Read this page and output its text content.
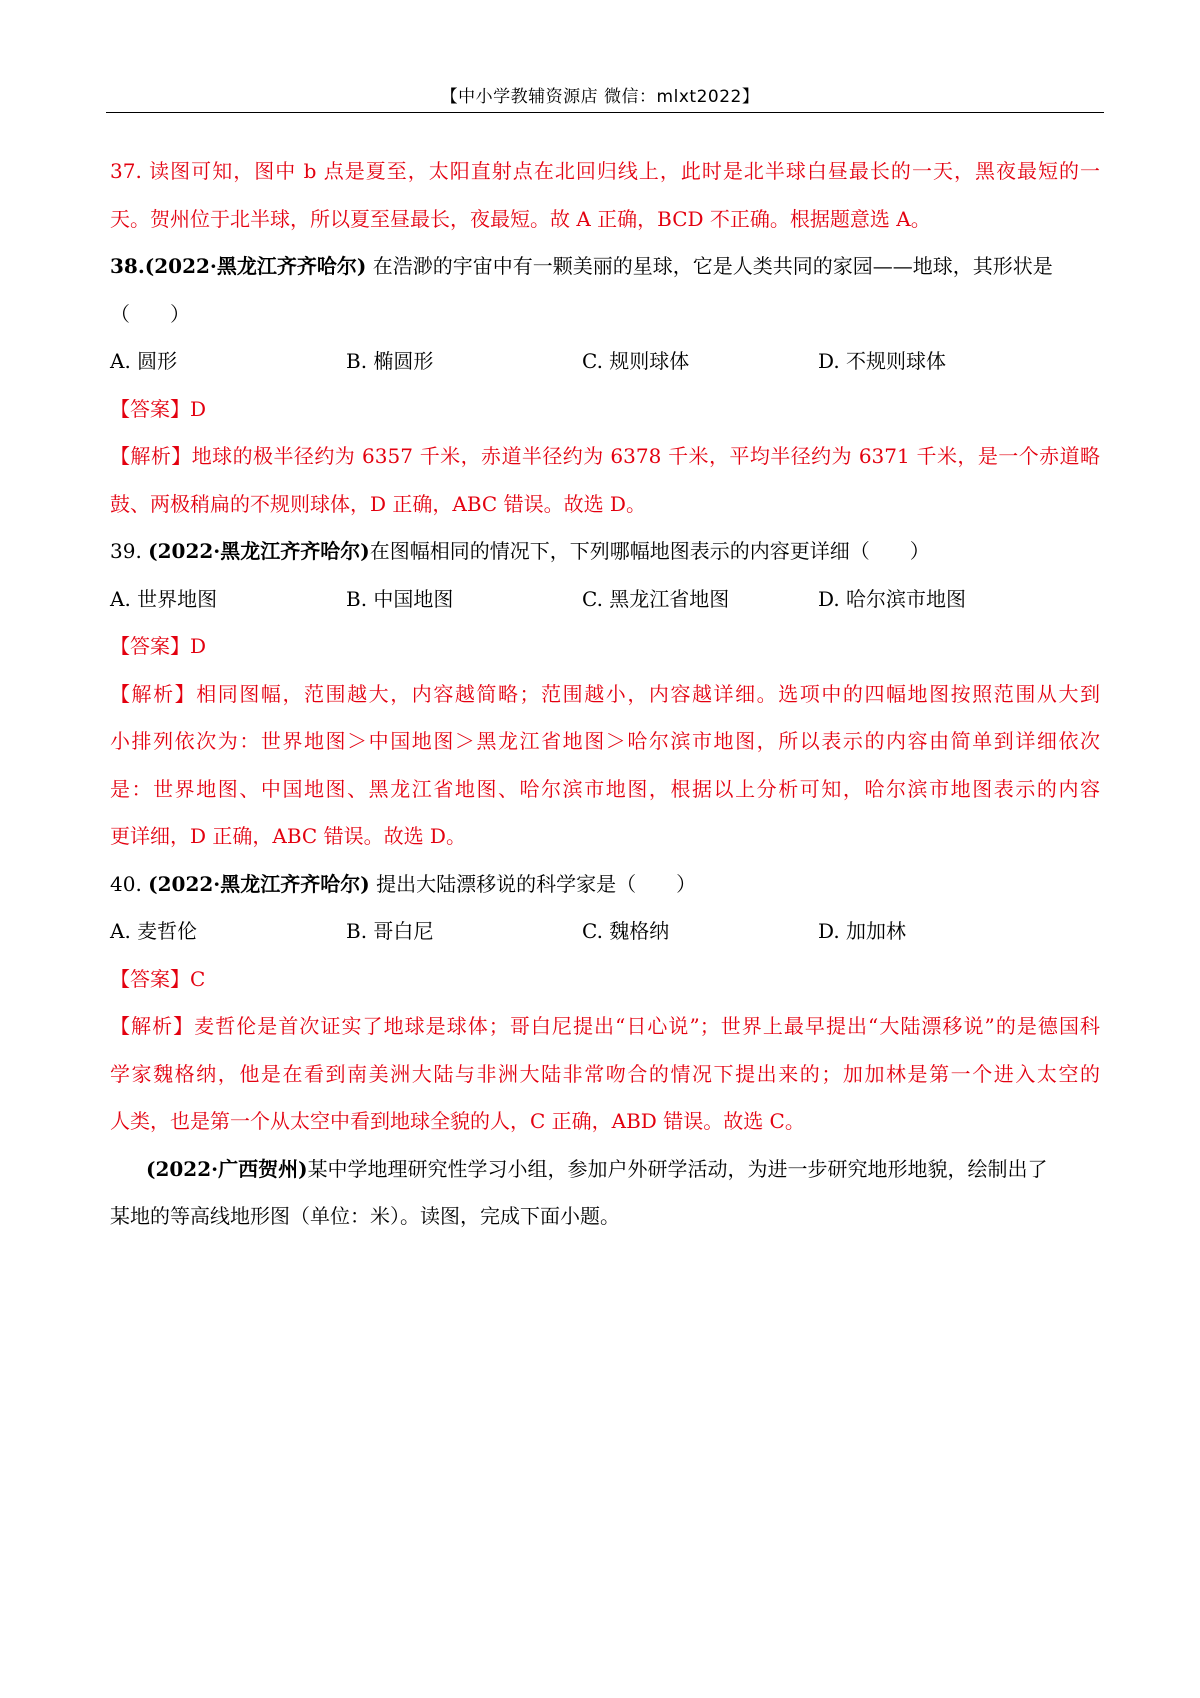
【中小学教辅资源店 微信：mlxt2022】
37. 读图可知，图中 b 点是夏至，太阳直射点在北回归线上，此时是北半球白昼最长的一天，黑夜最短的一
天。贺州位于北半球，所以夏至昼最长，夜最短。故 A 正确，BCD 不正确。根据题意选 A。
38.(2022·黑龙江齐齐哈尔) 在浩渺的宇宙中有一颗美丽的星球，它是人类共同的家园——地球，其形状是
（　　）
A. 圆形	B. 椭圆形	C. 规则球体	D. 不规则球体
【答案】D
【解析】地球的极半径约为 6357 千米，赤道半径约为 6378 千米，平均半径约为 6371 千米，是一个赤道略
鼓、两极稍扁的不规则球体，D 正确，ABC 错误。故选 D。
39. (2022·黑龙江齐齐哈尔)在图幅相同的情况下，下列哪幅地图表示的内容更详细（　　）
A. 世界地图	B. 中国地图	C. 黑龙江省地图	D. 哈尔滨市地图
【答案】D
【解析】相同图幅，范围越大，内容越简略；范围越小，内容越详细。选项中的四幅地图按照范围从大到
小排列依次为：世界地图＞中国地图＞黑龙江省地图＞哈尔滨市地图，所以表示的内容由简单到详细依次
是：世界地图、中国地图、黑龙江省地图、哈尔滨市地图，根据以上分析可知，哈尔滨市地图表示的内容
更详细，D 正确，ABC 错误。故选 D。
40. (2022·黑龙江齐齐哈尔) 提出大陆漂移说的科学家是（　　）
A. 麦哲伦	B. 哥白尼	C. 魏格纳	D. 加加林
【答案】C
【解析】麦哲伦是首次证实了地球是球体；哥白尼提出“日心说”；世界上最早提出“大陆漂移说”的是德国科
学家魏格纳，他是在看到南美洲大陆与非洲大陆非常吻合的情况下提出来的；加加林是第一个进入太空的
人类，也是第一个从太空中看到地球全貌的人，C 正确，ABD 错误。故选 C。
(2022·广西贺州)某中学地理研究性学习小组，参加户外研学活动，为进一步研究地形地貌，绘制出了
某地的等高线地形图（单位：米）。读图，完成下面小题。
